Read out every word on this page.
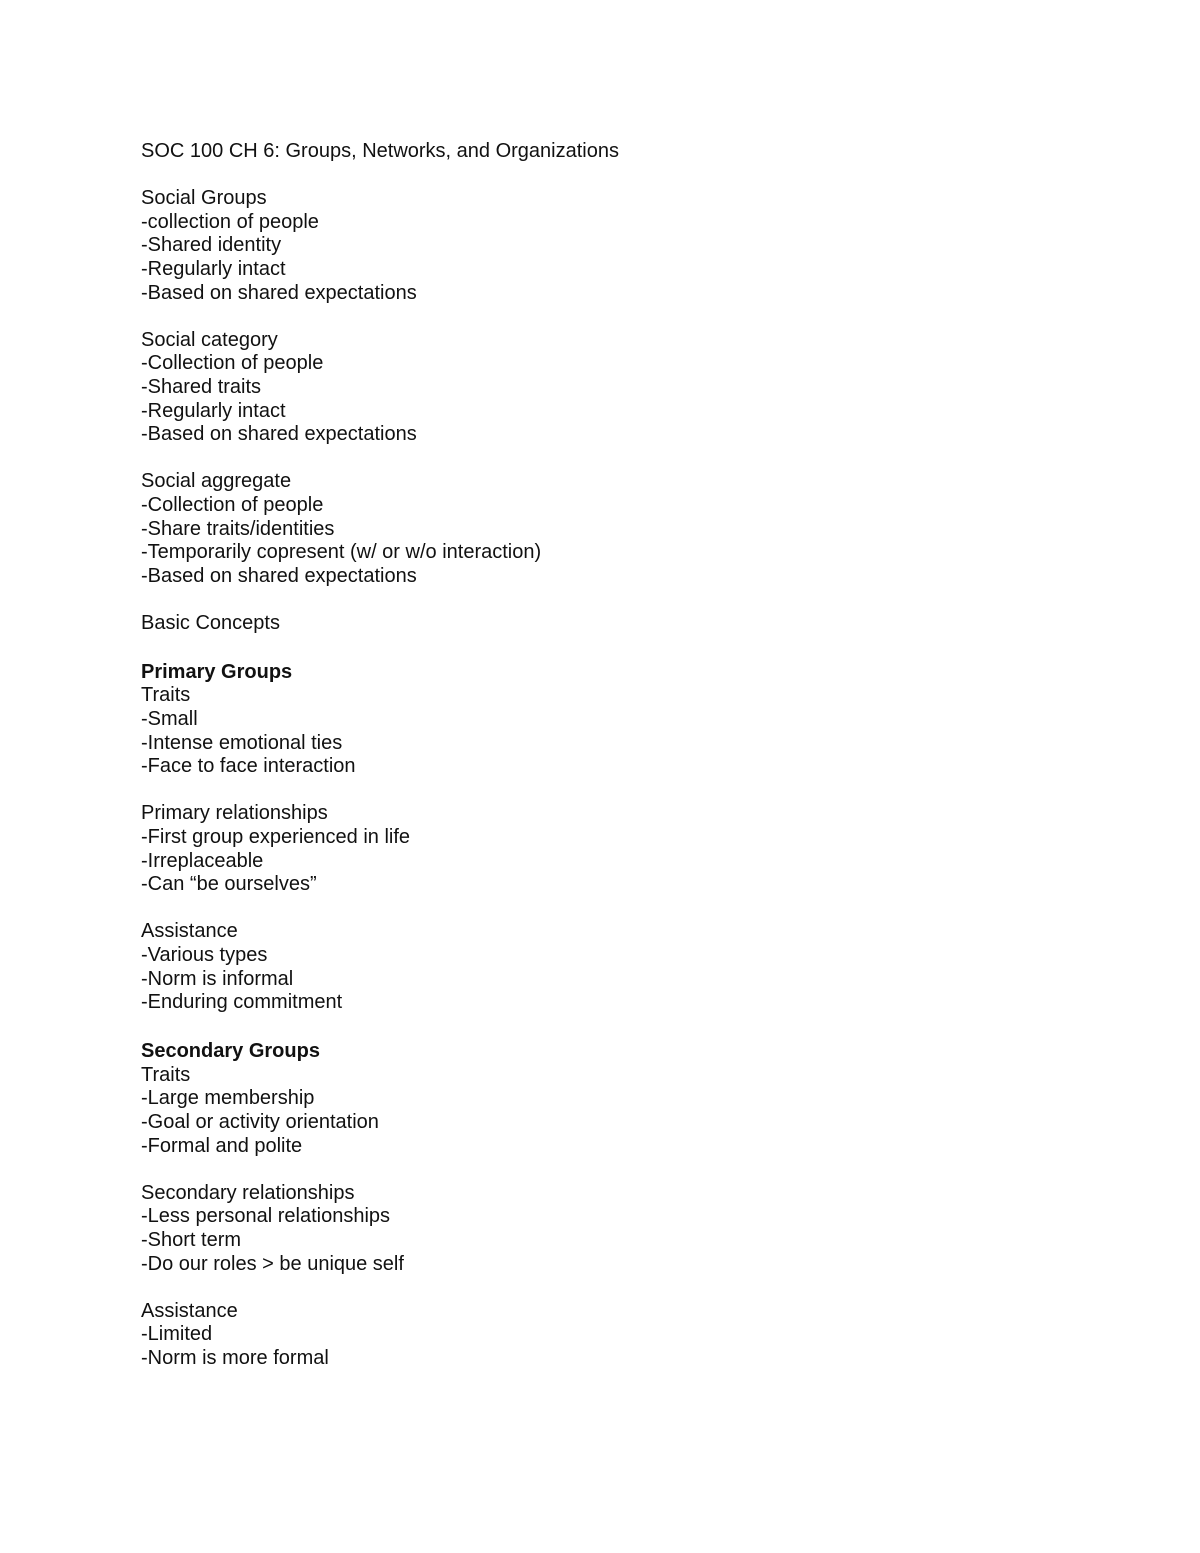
SOC 100 CH 6: Groups, Networks, and Organizations
Social Groups
-collection of people
-Shared identity
-Regularly intact
-Based on shared expectations
Social category
-Collection of people
-Shared traits
-Regularly intact
-Based on shared expectations
Social aggregate
-Collection of people
-Share traits/identities
-Temporarily copresent (w/ or w/o interaction)
-Based on shared expectations
Basic Concepts
Primary Groups
Traits
-Small
-Intense emotional ties
-Face to face interaction
Primary relationships
-First group experienced in life
-Irreplaceable
-Can “be ourselves”
Assistance
-Various types
-Norm is informal
-Enduring commitment
Secondary Groups
Traits
-Large membership
-Goal or activity orientation
-Formal and polite
Secondary relationships
-Less personal relationships
-Short term
-Do our roles > be unique self
Assistance
-Limited
-Norm is more formal
